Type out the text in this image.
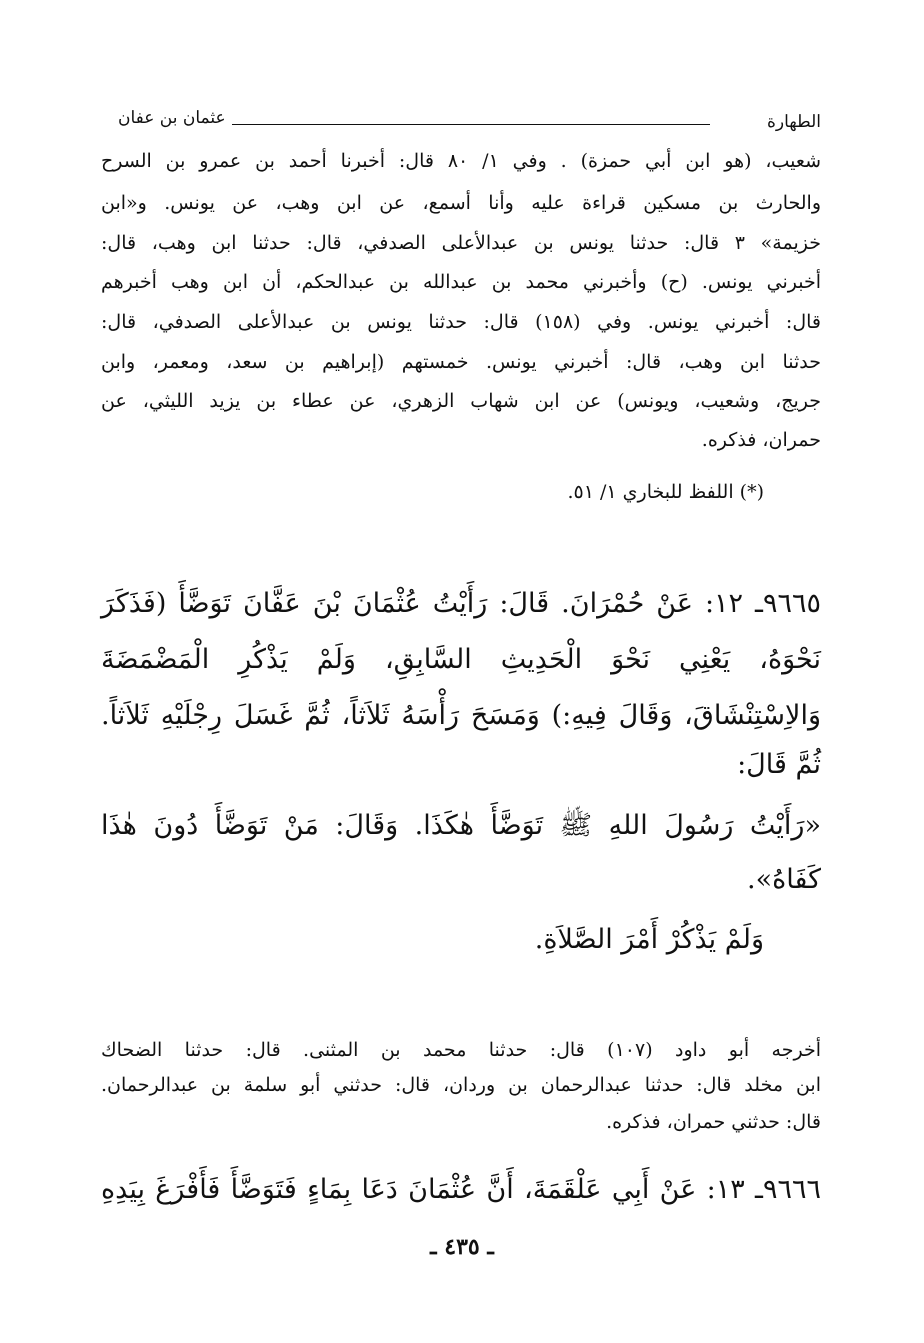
الطهارة
عثمان بن عفان
شعيب، (هو ابن أبي حمزة) . وفي ١/ ٨٠ قال: أخبرنا أحمد بن عمرو بن السرح
والحارث بن مسكين قراءة عليه وأنا أسمع، عن ابن وهب، عن يونس. و«ابن
خزيمة» ٣ قال: حدثنا يونس بن عبدالأعلى الصدفي، قال: حدثنا ابن وهب، قال:
أخبرني يونس. (ح) وأخبرني محمد بن عبدالله بن عبدالحكم، أن ابن وهب أخبرهم
قال: أخبرني يونس. وفي (١٥٨) قال: حدثنا يونس بن عبدالأعلى الصدفي، قال:
حدثنا ابن وهب، قال: أخبرني يونس. خمستهم (إبراهيم بن سعد، ومعمر، وابن
جريج، وشعيب، ويونس) عن ابن شهاب الزهري، عن عطاء بن يزيد الليثي، عن
حمران، فذكره.
(*) اللفظ للبخاري ١/ ٥١.
٩٦٦٥ـ ١٢: عَنْ حُمْرَانَ. قَالَ: رَأَيْتُ عُثْمَانَ بْنَ عَفَّانَ تَوَضَّأَ (فَذَكَرَ
نَحْوَهُ، يَعْنِي نَحْوَ الْحَدِيثِ السَّابِقِ، وَلَمْ يَذْكُرِ الْمَضْمَضَةَ
وَالاِسْتِنْشَاقَ، وَقَالَ فِيهِ:) وَمَسَحَ رَأْسَهُ ثَلاَثاً، ثُمَّ غَسَلَ رِجْلَيْهِ ثَلاَثاً.
ثُمَّ قَالَ:
«رَأَيْتُ رَسُولَ اللهِ ﷺ تَوَضَّأَ هٰكَذَا. وَقَالَ: مَنْ تَوَضَّأَ دُونَ هٰذَا
كَفَاهُ».
وَلَمْ يَذْكُرْ أَمْرَ الصَّلاَةِ.
أخرجه أبو داود (١٠٧) قال: حدثنا محمد بن المثنى. قال: حدثنا الضحاك
ابن مخلد قال: حدثنا عبدالرحمان بن وردان، قال: حدثني أبو سلمة بن عبدالرحمان.
قال: حدثني حمران، فذكره.
٩٦٦٦ـ ١٣: عَنْ أَبِي عَلْقَمَةَ، أَنَّ عُثْمَانَ دَعَا بِمَاءٍ فَتَوَضَّأَ فَأَفْرَغَ بِيَدِهِ
ـ ٤٣٥ ـ
